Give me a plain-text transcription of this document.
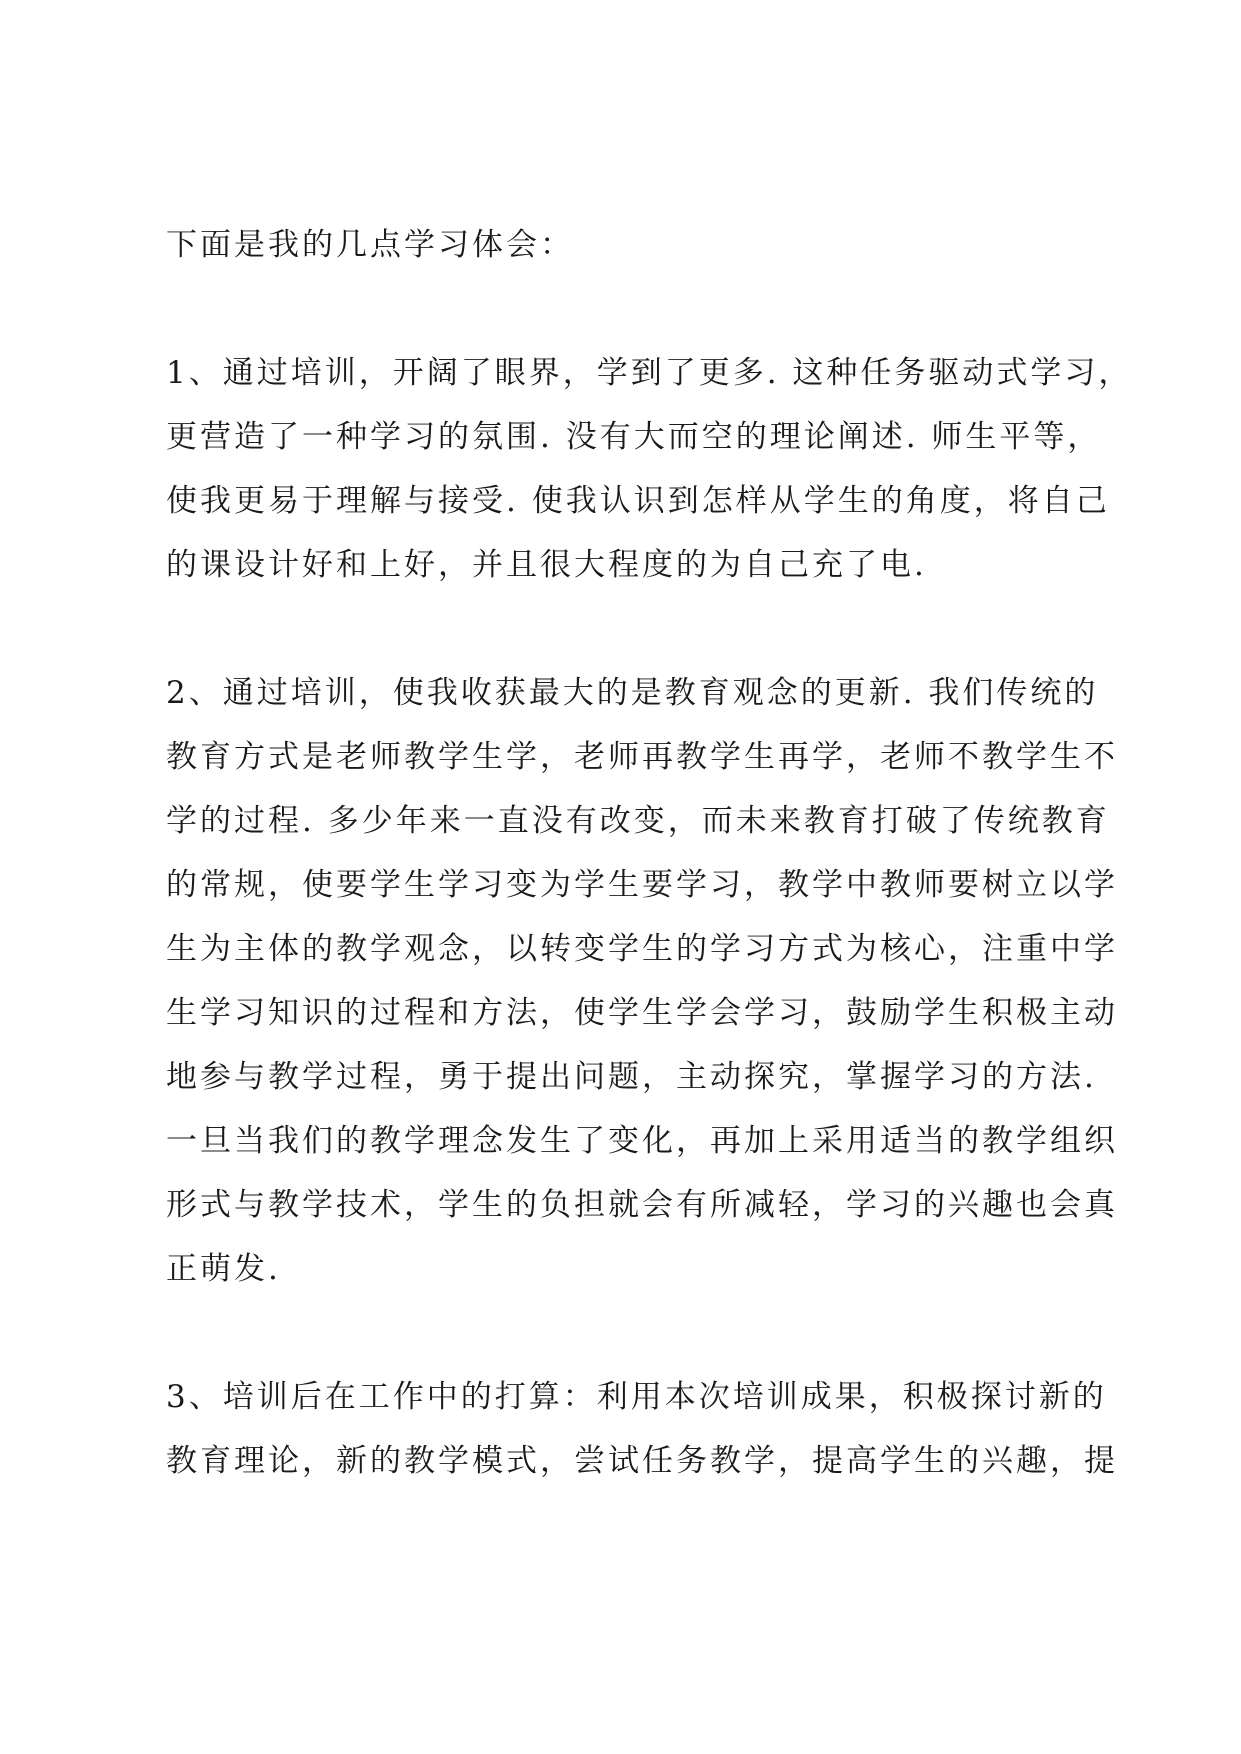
下面是我的几点学习体会：

1、通过培训，开阔了眼界，学到了更多. 这种任务驱动式学习，

更营造了一种学习的氛围. 没有大而空的理论阐述. 师生平等，

使我更易于理解与接受. 使我认识到怎样从学生的角度，将自己

的课设计好和上好，并且很大程度的为自己充了电.

2、通过培训，使我收获最大的是教育观念的更新. 我们传统的

教育方式是老师教学生学，老师再教学生再学，老师不教学生不

学的过程. 多少年来一直没有改变，而未来教育打破了传统教育

的常规，使要学生学习变为学生要学习，教学中教师要树立以学

生为主体的教学观念，以转变学生的学习方式为核心，注重中学

生学习知识的过程和方法，使学生学会学习，鼓励学生积极主动

地参与教学过程，勇于提出问题，主动探究，掌握学习的方法.

一旦当我们的教学理念发生了变化，再加上采用适当的教学组织

形式与教学技术，学生的负担就会有所减轻，学习的兴趣也会真

正萌发.

3、培训后在工作中的打算：利用本次培训成果，积极探讨新的

教育理论，新的教学模式，尝试任务教学，提高学生的兴趣，提
